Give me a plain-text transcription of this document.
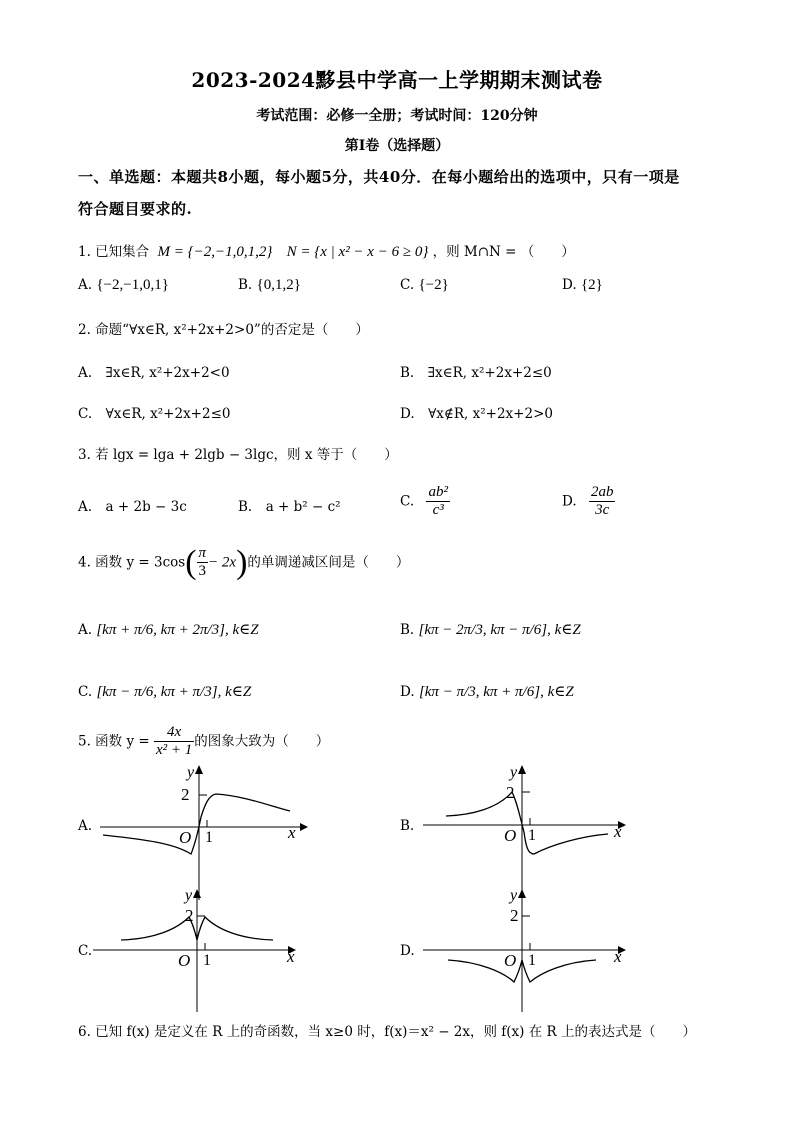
2023-2024黟县中学高一上学期期末测试卷
考试范围：必修一全册；考试时间：120分钟
第I卷（选择题）
一、单选题：本题共8小题，每小题5分，共40分．在每小题给出的选项中，只有一项是
符合题目要求的.
1. 已知集合 M = {−2,−1,0,1,2} N = {x | x² − x − 6 ≥ 0} ，则 M∩N = （　　）
A. {−2,−1,0,1}	B. {0,1,2}	C. {−2}	D. {2}
2. 命题“∀x∈R, x²+2x+2>0”的否定是（　　）
A.　∃x∈R, x²+2x+2<0	B.　∃x∈R, x²+2x+2≤0
C.　∀x∈R, x²+2x+2≤0	D.　∀x∉R, x²+2x+2>0
3. 若 lgx = lga + 2lgb − 3lgc，则 x 等于（　　）
A.　a + 2b − 3c	B.　a + b² − c²	C. $\frac{\text{ab²}}{\text{c³}}$	D. $\frac{2ab}{3c}$
4. 函数 $y = 3\cos( \frac{\pi}{3} - 2x)$的单调递减区间是（　　）
A. [kπ + π/6, kπ + 2π/3], k∈Z	B. [kπ − 2π/3, kπ − π/6], k∈Z
C. [kπ − π/6, kπ + π/3], k∈Z	D. [kπ − π/3, kπ + π/6], k∈Z
5. 函数 $y = \frac{4x}{\text{x² + 1}}$ 的图象大致为（　　）
A.
y
2
O 1	x	B.
y
2
O 1	x
C.
y
2
O 1	x	D.
y
2
O 1	x
6. 已知 f(x) 是定义在 R 上的奇函数，当 x≥0 时，f(x)＝x² − 2x，则 f(x) 在 R 上的表达式是（　　）
